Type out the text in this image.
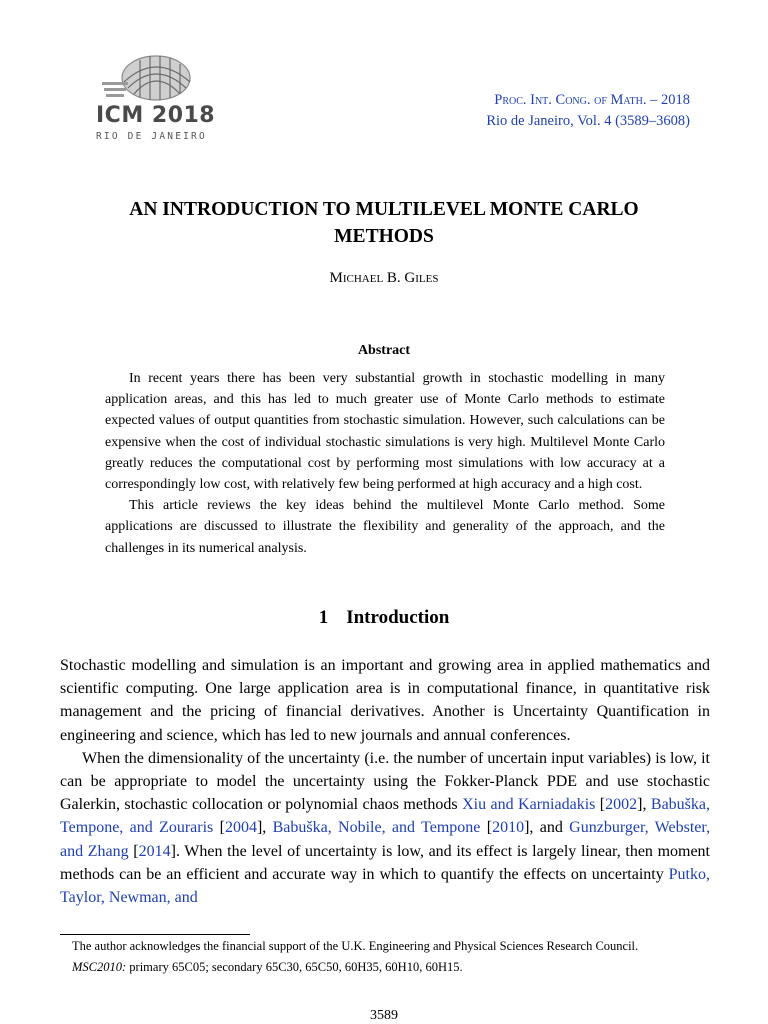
ICM 2018
RIO DE JANEIRO
Proc. Int. Cong. of Math. – 2018
Rio de Janeiro, Vol. 4 (3589–3608)
AN INTRODUCTION TO MULTILEVEL MONTE CARLO
METHODS
Michael B. Giles
Abstract

In recent years there has been very substantial growth in stochastic modelling in many application areas, and this has led to much greater use of Monte Carlo methods to estimate expected values of output quantities from stochastic simulation. However, such calculations can be expensive when the cost of individual stochastic simulations is very high. Multilevel Monte Carlo greatly reduces the computational cost by performing most simulations with low accuracy at a correspondingly low cost, with relatively few being performed at high accuracy and a high cost.

This article reviews the key ideas behind the multilevel Monte Carlo method. Some applications are discussed to illustrate the flexibility and generality of the approach, and the challenges in its numerical analysis.

1 Introduction

Stochastic modelling and simulation is an important and growing area in applied mathematics and scientific computing. One large application area is in computational finance, in quantitative risk management and the pricing of financial derivatives. Another is Uncertainty Quantification in engineering and science, which has led to new journals and annual conferences.

When the dimensionality of the uncertainty (i.e. the number of uncertain input variables) is low, it can be appropriate to model the uncertainty using the Fokker-Planck PDE and use stochastic Galerkin, stochastic collocation or polynomial chaos methods Xiu and Karniadakis [2002], Babuška, Tempone, and Zouraris [2004], Babuška, Nobile, and Tempone [2010], and Gunzburger, Webster, and Zhang [2014]. When the level of uncertainty is low, and its effect is largely linear, then moment methods can be an efficient and accurate way in which to quantify the effects on uncertainty Putko, Taylor, Newman, and

The author acknowledges the financial support of the U.K. Engineering and Physical Sciences Research Council.

MSC2010: primary 65C05; secondary 65C30, 65C50, 60H35, 60H10, 60H15.

3589
